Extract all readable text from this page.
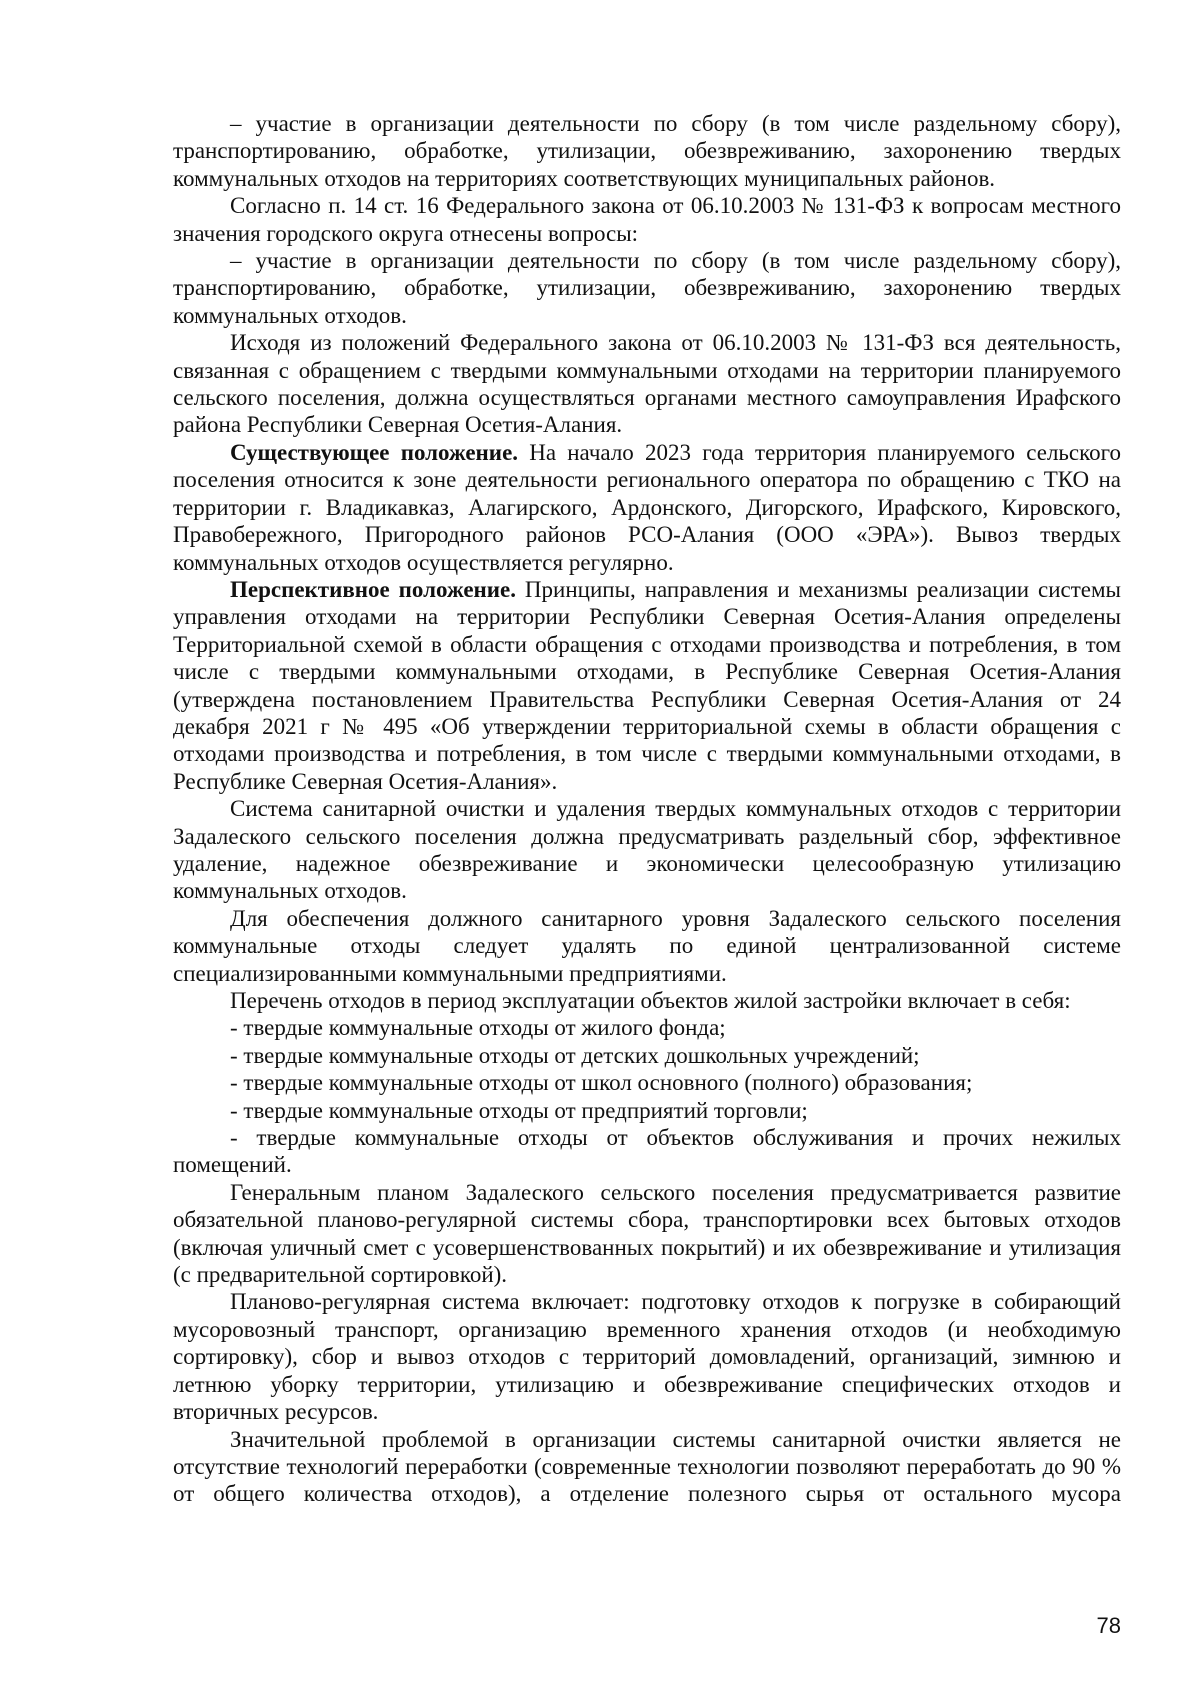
– участие в организации деятельности по сбору (в том числе раздельному сбору), транспортированию, обработке, утилизации, обезвреживанию, захоронению твердых коммунальных отходов на территориях соответствующих муниципальных районов.

Согласно п. 14 ст. 16 Федерального закона от 06.10.2003 № 131-ФЗ к вопросам местного значения городского округа отнесены вопросы:

– участие в организации деятельности по сбору (в том числе раздельному сбору), транспортированию, обработке, утилизации, обезвреживанию, захоронению твердых коммунальных отходов.

Исходя из положений Федерального закона от 06.10.2003 № 131-ФЗ вся деятельность, связанная с обращением с твердыми коммунальными отходами на территории планируемого сельского поселения, должна осуществляться органами местного самоуправления Ирафского района Республики Северная Осетия-Алания.

Существующее положение. На начало 2023 года территория планируемого сельского поселения относится к зоне деятельности регионального оператора по обращению с ТКО на территории г. Владикавказ, Алагирского, Ардонского, Дигорского, Ирафского, Кировского, Правобережного, Пригородного районов РСО-Алания (ООО «ЭРА»). Вывоз твердых коммунальных отходов осуществляется регулярно.

Перспективное положение. Принципы, направления и механизмы реализации системы управления отходами на территории Республики Северная Осетия-Алания определены Территориальной схемой в области обращения с отходами производства и потребления, в том числе с твердыми коммунальными отходами, в Республике Северная Осетия-Алания (утверждена постановлением Правительства Республики Северная Осетия-Алания от 24 декабря 2021 г № 495 «Об утверждении территориальной схемы в области обращения с отходами производства и потребления, в том числе с твердыми коммунальными отходами, в Республике Северная Осетия-Алания».

Система санитарной очистки и удаления твердых коммунальных отходов с территории Задалеского сельского поселения должна предусматривать раздельный сбор, эффективное удаление, надежное обезвреживание и экономически целесообразную утилизацию коммунальных отходов.

Для обеспечения должного санитарного уровня Задалеского сельского поселения коммунальные отходы следует удалять по единой централизованной системе специализированными коммунальными предприятиями.

Перечень отходов в период эксплуатации объектов жилой застройки включает в себя:

- твердые коммунальные отходы от жилого фонда;

- твердые коммунальные отходы от детских дошкольных учреждений;

- твердые коммунальные отходы от школ основного (полного) образования;

- твердые коммунальные отходы от предприятий торговли;

- твердые коммунальные отходы от объектов обслуживания и прочих нежилых помещений.

Генеральным планом Задалеского сельского поселения предусматривается развитие обязательной планово-регулярной системы сбора, транспортировки всех бытовых отходов (включая уличный смет с усовершенствованных покрытий) и их обезвреживание и утилизация (с предварительной сортировкой).

Планово-регулярная система включает: подготовку отходов к погрузке в собирающий мусоровозный транспорт, организацию временного хранения отходов (и необходимую сортировку), сбор и вывоз отходов с территорий домовладений, организаций, зимнюю и летнюю уборку территории, утилизацию и обезвреживание специфических отходов и вторичных ресурсов.

Значительной проблемой в организации системы санитарной очистки является не отсутствие технологий переработки (современные технологии позволяют переработать до 90 % от общего количества отходов), а отделение полезного сырья от остального мусора

78
